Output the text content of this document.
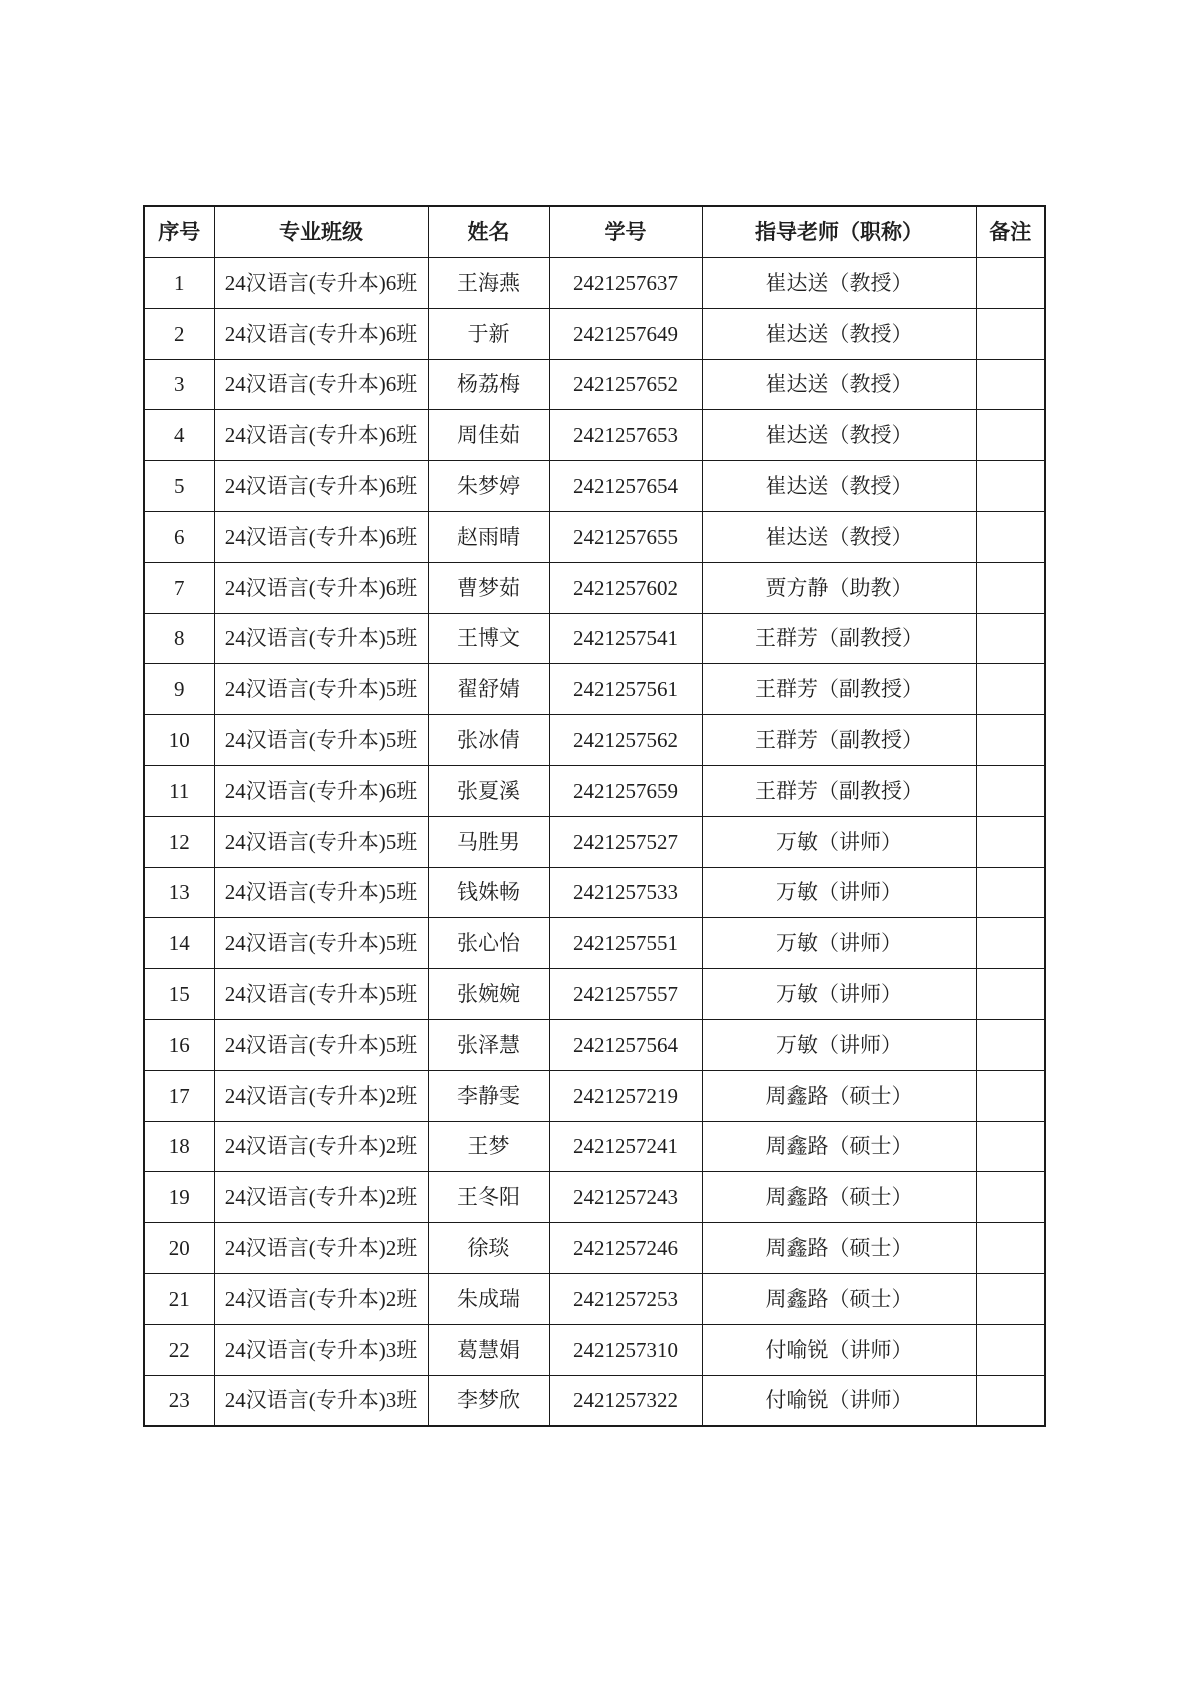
序号	专业班级	姓名	学号	指导老师（职称）	备注
1	24汉语言(专升本)6班	王海燕	2421257637	崔达送（教授）	
2	24汉语言(专升本)6班	于新	2421257649	崔达送（教授）	
3	24汉语言(专升本)6班	杨荔梅	2421257652	崔达送（教授）	
4	24汉语言(专升本)6班	周佳茹	2421257653	崔达送（教授）	
5	24汉语言(专升本)6班	朱梦婷	2421257654	崔达送（教授）	
6	24汉语言(专升本)6班	赵雨晴	2421257655	崔达送（教授）	
7	24汉语言(专升本)6班	曹梦茹	2421257602	贾方静（助教）	
8	24汉语言(专升本)5班	王博文	2421257541	王群芳（副教授）	
9	24汉语言(专升本)5班	翟舒婧	2421257561	王群芳（副教授）	
10	24汉语言(专升本)5班	张冰倩	2421257562	王群芳（副教授）	
11	24汉语言(专升本)6班	张夏溪	2421257659	王群芳（副教授）	
12	24汉语言(专升本)5班	马胜男	2421257527	万敏（讲师）	
13	24汉语言(专升本)5班	钱姝畅	2421257533	万敏（讲师）	
14	24汉语言(专升本)5班	张心怡	2421257551	万敏（讲师）	
15	24汉语言(专升本)5班	张婉婉	2421257557	万敏（讲师）	
16	24汉语言(专升本)5班	张泽慧	2421257564	万敏（讲师）	
17	24汉语言(专升本)2班	李静雯	2421257219	周鑫路（硕士）	
18	24汉语言(专升本)2班	王梦	2421257241	周鑫路（硕士）	
19	24汉语言(专升本)2班	王冬阳	2421257243	周鑫路（硕士）	
20	24汉语言(专升本)2班	徐琰	2421257246	周鑫路（硕士）	
21	24汉语言(专升本)2班	朱成瑞	2421257253	周鑫路（硕士）	
22	24汉语言(专升本)3班	葛慧娟	2421257310	付喻锐（讲师）	
23	24汉语言(专升本)3班	李梦欣	2421257322	付喻锐（讲师）	
